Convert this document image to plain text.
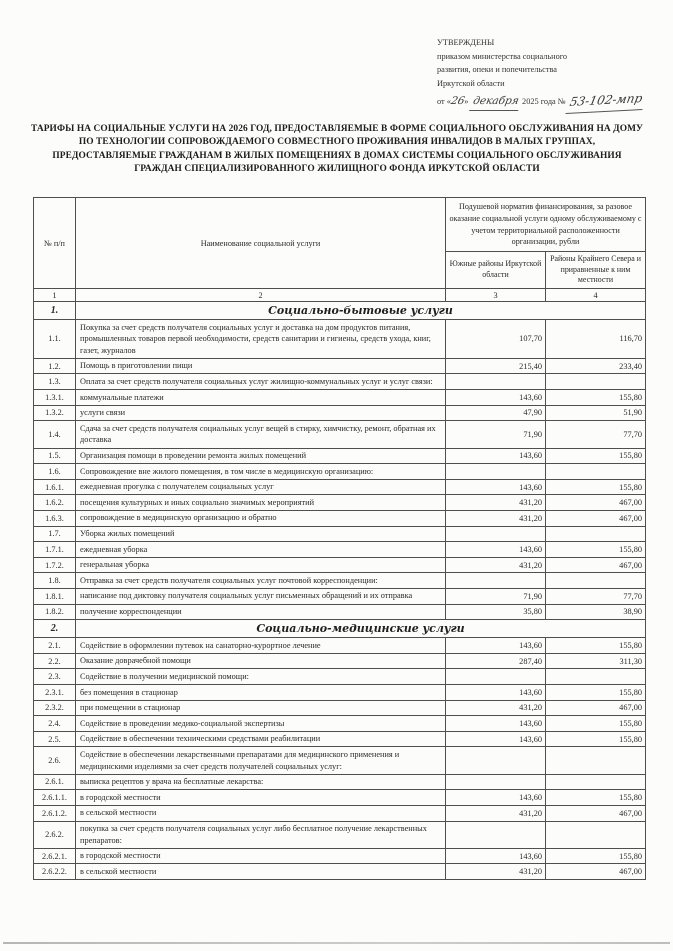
УТВЕРЖДЕНЫ
приказом министерства социального
развития, опеки и попечительства
Иркутской области
от «26» декабря 2025 года № 53-102-мпр
ТАРИФЫ НА СОЦИАЛЬНЫЕ УСЛУГИ НА 2026 ГОД, ПРЕДОСТАВЛЯЕМЫЕ В ФОРМЕ СОЦИАЛЬНОГО ОБСЛУЖИВАНИЯ НА ДОМУ ПО ТЕХНОЛОГИИ СОПРОВОЖДАЕМОГО СОВМЕСТНОГО ПРОЖИВАНИЯ ИНВАЛИДОВ В МАЛЫХ ГРУППАХ, ПРЕДОСТАВЛЯЕМЫЕ ГРАЖДАНАМ В ЖИЛЫХ ПОМЕЩЕНИЯХ В ДОМАХ СИСТЕМЫ СОЦИАЛЬНОГО ОБСЛУЖИВАНИЯ ГРАЖДАН СПЕЦИАЛИЗИРОВАННОГО ЖИЛИЩНОГО ФОНДА ИРКУТСКОЙ ОБЛАСТИ
№ п/п	Наименование социальной услуги	Подушевой норматив финансирования, за разовое оказание социальной услуги одному обслуживаемому с учетом территориальной расположенности организации, рубли	
		Южные районы Иркутской области	Районы Крайнего Севера и приравненные к ним местности
1	2	3	4
1.	Социально-бытовые услуги		
1.1.	Покупка за счет средств получателя социальных услуг и доставка на дом продуктов питания, промышленных товаров первой необходимости, средств санитарии и гигиены, средств ухода, книг, газет, журналов	107,70	116,70
1.2.	Помощь в приготовлении пищи	215,40	233,40
1.3.	Оплата за счет средств получателя социальных услуг жилищно-коммунальных услуг и услуг связи:		
1.3.1.	коммунальные платежи	143,60	155,80
1.3.2.	услуги связи	47,90	51,90
1.4.	Сдача за счет средств получателя социальных услуг вещей в стирку, химчистку, ремонт, обратная их доставка	71,90	77,70
1.5.	Организация помощи в проведении ремонта жилых помещений	143,60	155,80
1.6.	Сопровождение вне жилого помещения, в том числе в медицинскую организацию:		
1.6.1.	ежедневная прогулка с получателем социальных услуг	143,60	155,80
1.6.2.	посещения культурных и иных социально значимых мероприятий	431,20	467,00
1.6.3.	сопровождение в медицинскую организацию и обратно	431,20	467,00
1.7.	Уборка жилых помещений		
1.7.1.	ежедневная уборка	143,60	155,80
1.7.2.	генеральная уборка	431,20	467,00
1.8.	Отправка за счет средств получателя социальных услуг почтовой корреспонденции:		
1.8.1.	написание под диктовку получателя социальных услуг письменных обращений и их отправка	71,90	77,70
1.8.2.	получение корреспонденции	35,80	38,90
2.	Социально-медицинские услуги		
2.1.	Содействие в оформлении путевок на санаторно-курортное лечение	143,60	155,80
2.2.	Оказание доврачебной помощи	287,40	311,30
2.3.	Содействие в получении медицинской помощи:		
2.3.1.	без помещения в стационар	143,60	155,80
2.3.2.	при помещении в стационар	431,20	467,00
2.4.	Содействие в проведении медико-социальной экспертизы	143,60	155,80
2.5.	Содействие в обеспечении техническими средствами реабилитации	143,60	155,80
2.6.	Содействие в обеспечении лекарственными препаратами для медицинского применения и медицинскими изделиями за счет средств получателей социальных услуг:		
2.6.1.	выписка рецептов у врача на бесплатные лекарства:		
2.6.1.1.	в городской местности	143,60	155,80
2.6.1.2.	в сельской местности	431,20	467,00
2.6.2.	покупка за счет средств получателя социальных услуг либо бесплатное получение лекарственных препаратов:		
2.6.2.1.	в городской местности	143,60	155,80
2.6.2.2.	в сельской местности	431,20	467,00
